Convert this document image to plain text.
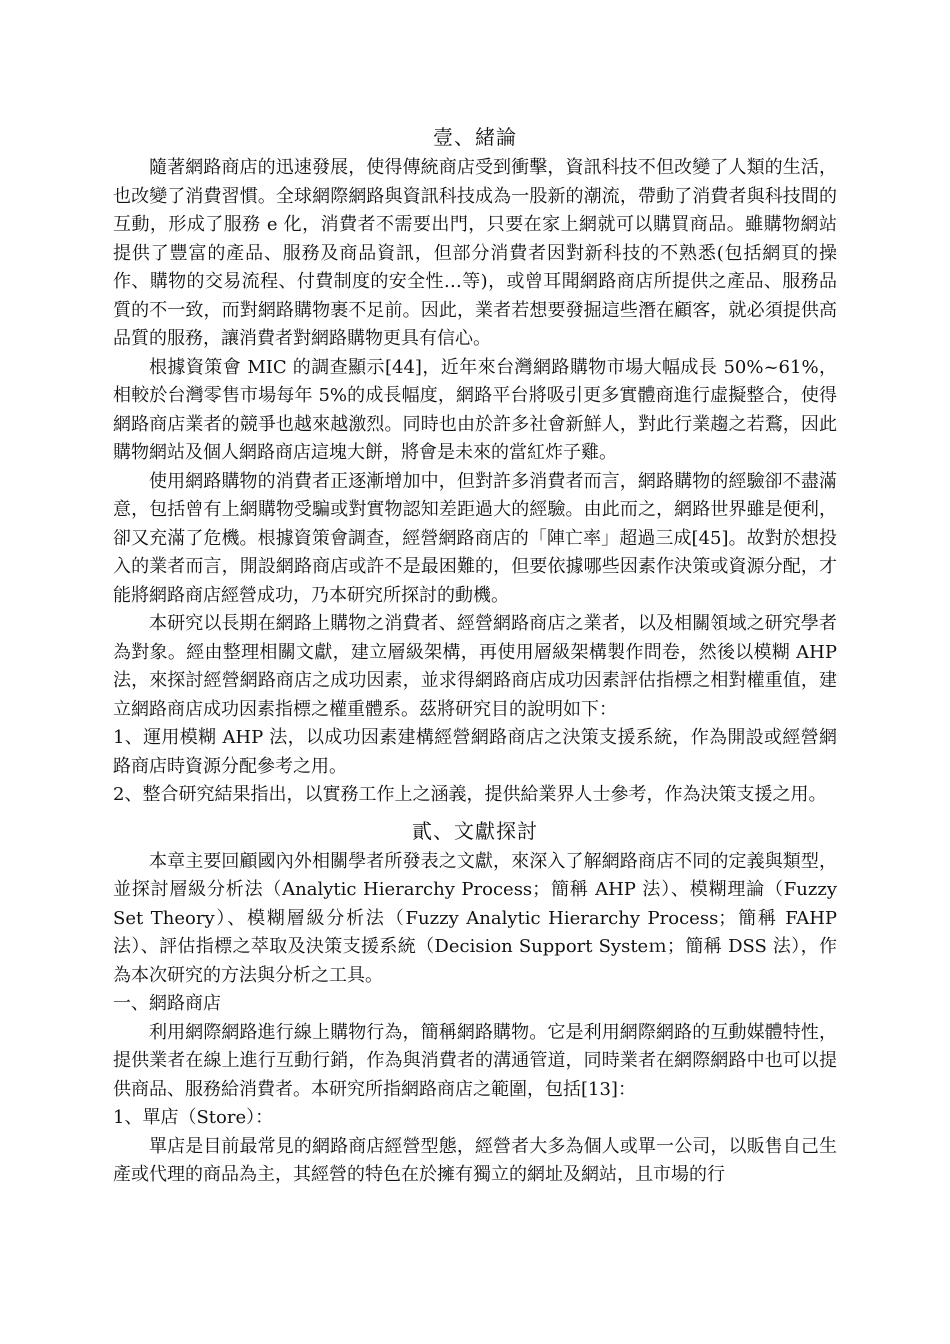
壹、緒論

隨著網路商店的迅速發展，使得傳統商店受到衝擊，資訊科技不但改變了人類的生活，也改變了消費習慣。全球網際網路與資訊科技成為一股新的潮流，帶動了消費者與科技間的互動，形成了服務 e 化，消費者不需要出門，只要在家上網就可以購買商品。雖購物網站提供了豐富的產品、服務及商品資訊，但部分消費者因對新科技的不熟悉(包括網頁的操作、購物的交易流程、付費制度的安全性…等)，或曾耳聞網路商店所提供之產品、服務品質的不一致，而對網路購物裹不足前。因此，業者若想要發掘這些潛在顧客，就必須提供高品質的服務，讓消費者對網路購物更具有信心。

根據資策會 MIC 的調查顯示[44]，近年來台灣網路購物市場大幅成長 50%~61%，相較於台灣零售市場每年 5%的成長幅度，網路平台將吸引更多實體商進行虛擬整合，使得網路商店業者的競爭也越來越激烈。同時也由於許多社會新鮮人，對此行業趨之若鶩，因此購物網站及個人網路商店這塊大餅，將會是未來的當紅炸子雞。

使用網路購物的消費者正逐漸增加中，但對許多消費者而言，網路購物的經驗卻不盡滿意，包括曾有上網購物受騙或對實物認知差距過大的經驗。由此而之，網路世界雖是便利，卻又充滿了危機。根據資策會調查，經營網路商店的「陣亡率」超過三成[45]。故對於想投入的業者而言，開設網路商店或許不是最困難的，但要依據哪些因素作決策或資源分配，才能將網路商店經營成功，乃本研究所探討的動機。

本研究以長期在網路上購物之消費者、經營網路商店之業者，以及相關領域之研究學者為對象。經由整理相關文獻，建立層級架構，再使用層級架構製作問卷，然後以模糊 AHP 法，來探討經營網路商店之成功因素，並求得網路商店成功因素評估指標之相對權重值，建立網路商店成功因素指標之權重體系。茲將研究目的說明如下：

1、運用模糊 AHP 法，以成功因素建構經營網路商店之決策支援系統，作為開設或經營網路商店時資源分配參考之用。

2、整合研究結果指出，以實務工作上之涵義，提供給業界人士參考，作為決策支援之用。

貳、文獻探討

本章主要回顧國內外相關學者所發表之文獻，來深入了解網路商店不同的定義與類型，並探討層級分析法（Analytic Hierarchy Process；簡稱 AHP 法）、模糊理論（Fuzzy Set Theory）、模糊層級分析法（Fuzzy Analytic Hierarchy Process；簡稱 FAHP 法）、評估指標之萃取及決策支援系統（Decision Support Systeｍ；簡稱 DSS 法），作為本次研究的方法與分析之工具。

一、網路商店

利用網際網路進行線上購物行為，簡稱網路購物。它是利用網際網路的互動媒體特性，提供業者在線上進行互動行銷，作為與消費者的溝通管道，同時業者在網際網路中也可以提供商品、服務給消費者。本研究所指網路商店之範圍，包括[13]：

1、單店（Store）：

單店是目前最常見的網路商店經營型態，經營者大多為個人或單一公司，以販售自己生產或代理的商品為主，其經營的特色在於擁有獨立的網址及網站，且市場的行
